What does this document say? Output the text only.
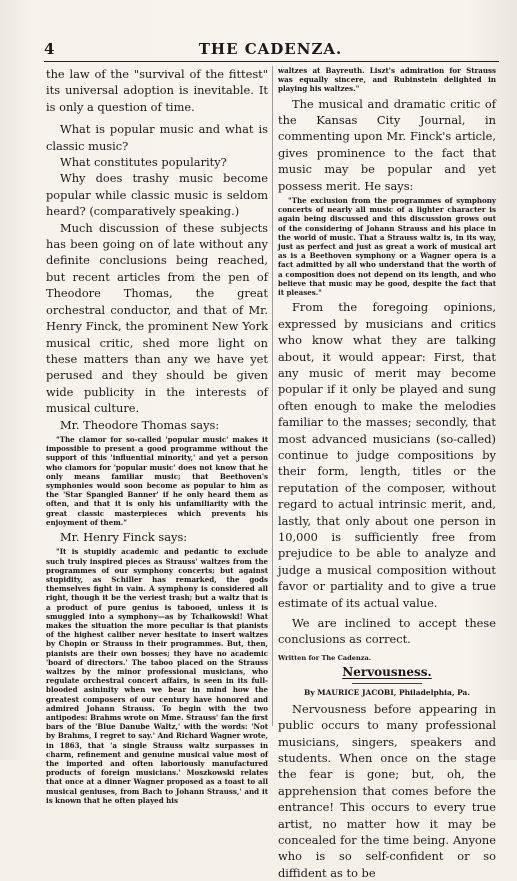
4	THE CADENZA.

the law of the "survival of the fittest" its universal adoption is inevitable. It is only a question of time.

What is popular music and what is classic music?

What constitutes popularity?

Why does trashy music become popular while classic music is seldom heard? (comparatively speaking.)

Much discussion of these subjects has been going on of late without any definite conclusions being reached, but recent articles from the pen of Theodore Thomas, the great orchestral conductor, and that of Mr. Henry Finck, the prominent New York musical critic, shed more light on these matters than any we have yet perused and they should be given wide publicity in the interests of musical culture.

Mr. Theodore Thomas says:

"The clamor for so-called 'popular music' makes it impossible to present a good programme without the support of this 'influential minority,' and yet a person who clamors for 'popular music' does not know that he only means familiar music; that Beethoven's symphonies would soon become as popular to him as the 'Star Spangled Banner' if he only heard them as often, and that it is only his unfamiliarity with the great classic masterpieces which prevents his enjoyment of them."

Mr. Henry Finck says:

"It is stupidly academic and pedantic to exclude such truly inspired pieces as Strauss' waltzes from the programmes of our symphony concerts; but against stupidity, as Schiller has remarked, the gods themselves fight in vain. A symphony is considered all right, though it be the veriest trash; but a waltz that is a product of pure genius is tabooed, unless it is smuggled into a symphony—as by Tchaikowski! What makes the situation the more peculiar is that pianists of the highest caliber never hesitate to insert waltzes by Chopin or Strauss in their programmes. But, then, pianists are their own bosses; they have no academic 'board of directors.' The taboo placed on the Strauss waltzes by the minor professional musicians, who regulate orchestral concert affairs, is seen in its full-blooded asininity when we bear in mind how the greatest composers of our century have honored and admired Johann Strauss. To begin with the two antipodes: Brahms wrote on Mme. Strauss' fan the first bars of the 'Blue Danube Waltz,' with the words: 'Not by Brahms, I regret to say.' And Richard Wagner wrote, in 1863, that 'a single Strauss waltz surpasses in charm, refinement and genuine musical value most of the imported and often laboriously manufactured products of foreign musicians.' Moszkowski relates that once at a dinner Wagner proposed as a toast to all musical geniuses, from Bach to Johann Strauss,' and it is known that he often played his

waltzes at Bayreuth. Liszt's admiration for Strauss was equally sincere, and Rubinstein delighted in playing his waltzes."

The musical and dramatic critic of the Kansas City Journal, in commenting upon Mr. Finck's article, gives prominence to the fact that music may be popular and yet possess merit. He says:

"The exclusion from the programmes of symphony concerts of nearly all music of a lighter character is again being discussed and this discussion grows out of the considering of Johann Strauss and his place in the world of music. That a Strauss waltz is, in its way, just as perfect and just as great a work of musical art as is a Beethoven symphony or a Wagner opera is a fact admitted by all who understand that the worth of a composition does not depend on its length, and who believe that music may be good, despite the fact that it pleases."

From the foregoing opinions, expressed by musicians and critics who know what they are talking about, it would appear: First, that any music of merit may become popular if it only be played and sung often enough to make the melodies familiar to the masses; secondly, that most advanced musicians (so-called) continue to judge compositions by their form, length, titles or the reputation of the composer, without regard to actual intrinsic merit, and, lastly, that only about one person in 10,000 is sufficiently free from prejudice to be able to analyze and judge a musical composition without favor or partiality and to give a true estimate of its actual value.

We are inclined to accept these conclusions as correct.

Written for The Cadenza.

Nervousness.

By MAURICE JACOBI, Philadelphia, Pa.

Nervousness before appearing in public occurs to many professional musicians, singers, speakers and students. When once on the stage the fear is gone; but, oh, the apprehension that comes before the entrance! This occurs to every true artist, no matter how it may be concealed for the time being. Anyone who is so self-confident or so diffident as to be
